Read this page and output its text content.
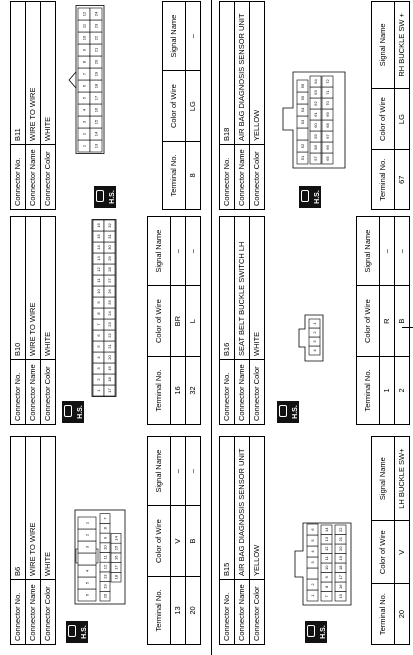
Connector No.	B6
Connector Name	WIRE TO WIRE
Connector Color	WHITE
H.S.
6
5
4
3
2
1
20
19
13
12
11
10
9
8
7
18
17
16
15
14
Terminal No.	Color of Wire	Signal Name
13	V	–
20	B	–
Connector No.	B10
Connector Name	WIRE TO WIRE
Connector Color	WHITE
H.S.
1
2
3
4
5
6
7
8
9
10
11
12
13
14
15
16
17
18
19
20
21
22
23
24
25
26
27
28
29
30
31
32
Terminal No.	Color of Wire	Signal Name
16	BR	–
32	L	–
Connector No.	B11
Connector Name	WIRE TO WIRE
Connector Color	WHITE
H.S.
1
2
3
4
5
6
7
8
9
10
11
12
13
14
15
16
17
18
19
20
21
22
23
24
Terminal No.	Color of Wire	Signal Name
8	LG	–
Connector No.	B15
Connector Name	AIR BAG DIAGNOSIS SENSOR UNIT
Connector Color	YELLOW
H.S.
1
2
3
4
5
6
7
8
9
10
11
12
13
14
15
16
17
18
19
20
21
22
Terminal No.	Color of Wire	Signal Name
20	V	LH BUCKLE SW+
Connector No.	B16
Connector Name	SEAT BELT BUCKLE SWITCH LH
Connector Color	WHITE
H.S.
4
3
2
1
Terminal No.	Color of Wire	Signal Name
1	R	–
2	B	–
Connector No.	B18
Connector Name	AIR BAG DIAGNOSIS SENSOR UNIT
Connector Color	YELLOW
H.S.
51
52
53
54
55
56
57
58
59
60
61
62
63
64
65
66
67
68
69
70
71
72
Terminal No.	Color of Wire	Signal Name
67	LG	RH BUCKLE SW +
